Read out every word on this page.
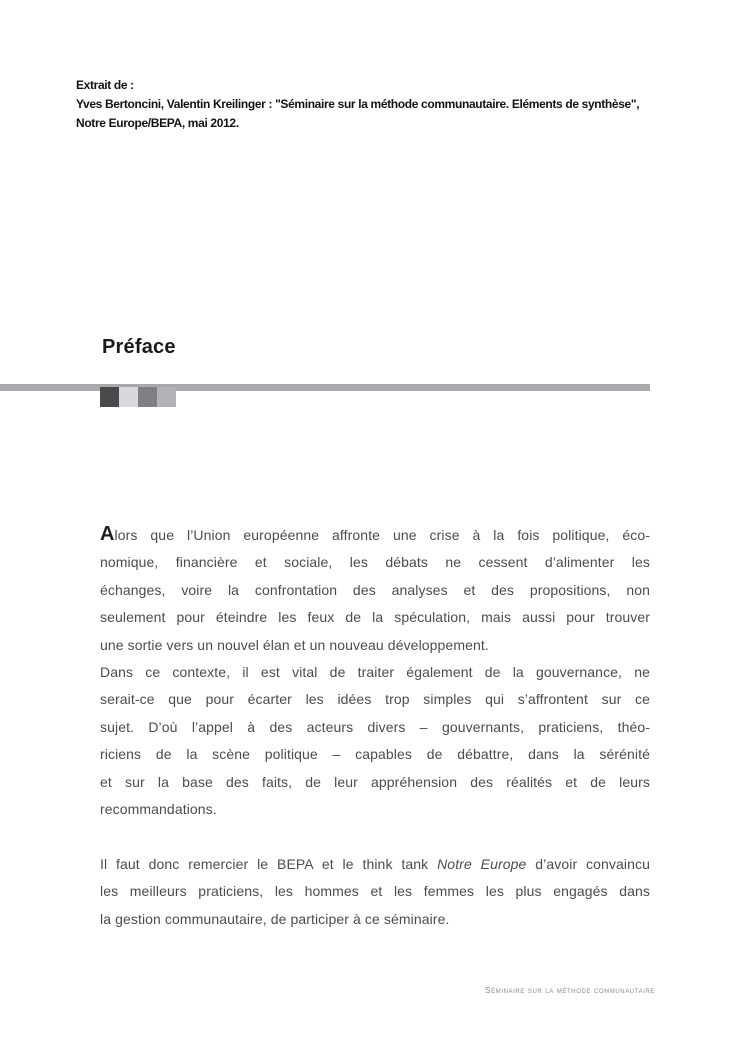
Extrait de :
Yves Bertoncini, Valentin Kreilinger : "Séminaire sur la méthode communautaire. Eléments de synthèse",
Notre Europe/BEPA, mai 2012.
Préface
Alors que l’Union européenne affronte une crise à la fois politique, éco-
nomique, financière et sociale, les débats ne cessent d’alimenter les
échanges, voire la confrontation des analyses et des propositions, non
seulement pour éteindre les feux de la spéculation, mais aussi pour trouver
une sortie vers un nouvel élan et un nouveau développement.
Dans ce contexte, il est vital de traiter également de la gouvernance, ne
serait-ce que pour écarter les idées trop simples qui s’affrontent sur ce
sujet. D’où l’appel à des acteurs divers – gouvernants, praticiens, théo-
riciens de la scène politique – capables de débattre, dans la sérénité
et sur la base des faits, de leur appréhension des réalités et de leurs
recommandations.
Il faut donc remercier le BEPA et le think tank Notre Europe d’avoir convaincu
les meilleurs praticiens, les hommes et les femmes les plus engagés dans
la gestion communautaire, de participer à ce séminaire.
Séminaire sur la méthode communautaire
